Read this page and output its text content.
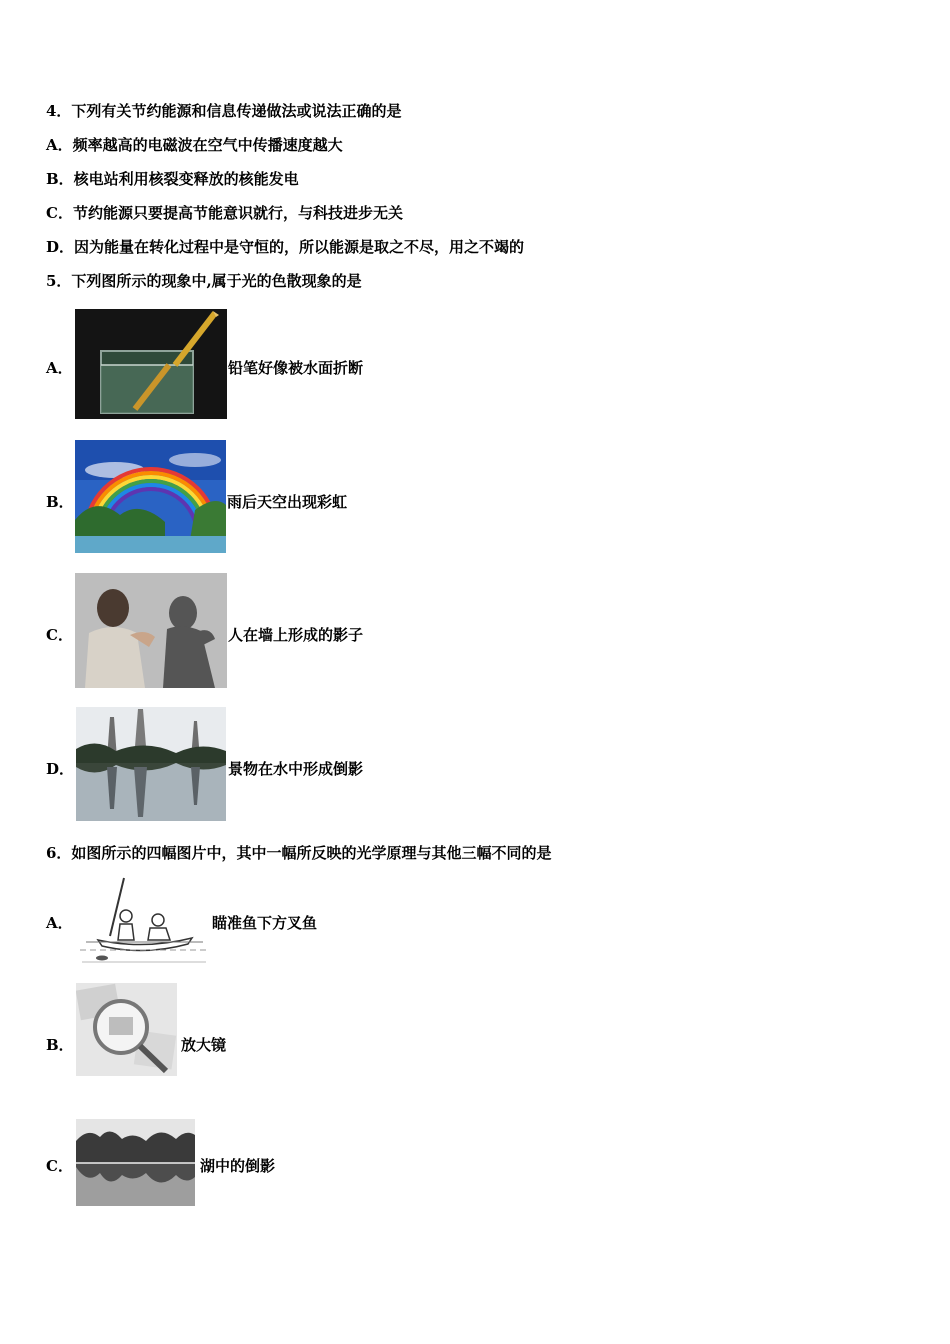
4．下列有关节约能源和信息传递做法或说法正确的是
A．频率越高的电磁波在空气中传播速度越大
B．核电站利用核裂变释放的核能发电
C．节约能源只要提高节能意识就行，与科技进步无关
D．因为能量在转化过程中是守恒的，所以能源是取之不尽，用之不竭的
5．下列图所示的现象中,属于光的色散现象的是
A．	铅笔好像被水面折断
B．	雨后天空出现彩虹
C．	人在墙上形成的影子
D．	景物在水中形成倒影
6．如图所示的四幅图片中，其中一幅所反映的光学原理与其他三幅不同的是
A．	瞄准鱼下方叉鱼
B．	放大镜
C．	湖中的倒影
